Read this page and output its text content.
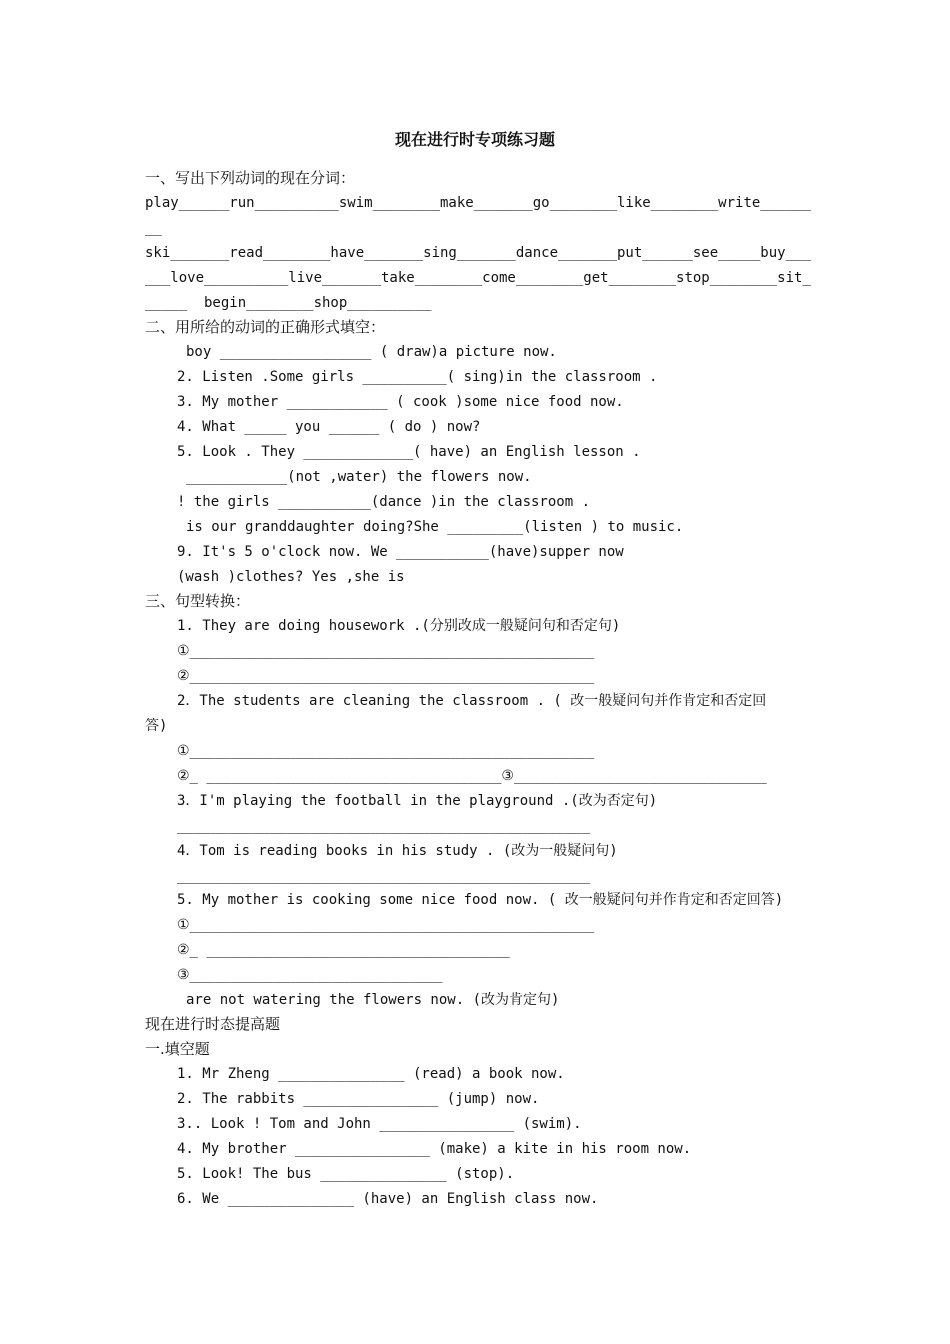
现在进行时专项练习题
一、写出下列动词的现在分词：
play______run__________swim________make_______go________like________write______
__
ski_______read________have_______sing_______dance_______put______see_____buy___
___love__________live_______take________come________get________stop________sit_
_____  begin________shop__________
二、用所给的动词的正确形式填空：
boy __________________ ( draw)a picture now.
2. Listen .Some girls __________( sing)in the classroom .
3. My mother ____________ ( cook )some nice food now.
4. What _____ you ______ ( do ) now?
5. Look . They _____________( have) an English lesson .
____________(not ,water) the flowers now.
! the girls ___________(dance )in the classroom .
is our granddaughter doing?She _________(listen ) to music.
9. It's 5 o'clock now. We ___________(have)supper now
(wash )clothes? Yes ,she is
三、句型转换：
1. They are doing housework .(分别改成一般疑问句和否定句)
①________________________________________________
②________________________________________________
2．The students are cleaning the classroom . ( 改一般疑问句并作肯定和否定回
答)
①________________________________________________
②_ ___________________________________③______________________________
3．I'm playing the football in the playground .(改为否定句)
_________________________________________________
4．Tom is reading books in his study . (改为一般疑问句)
_________________________________________________
5. My mother is cooking some nice food now. ( 改一般疑问句并作肯定和否定回答)
①________________________________________________
②_ ____________________________________
③______________________________
are not watering the flowers now. (改为肯定句)
现在进行时态提高题
一.填空题
1. Mr Zheng _______________ (read) a book now.
2. The rabbits ________________ (jump) now.
3.. Look ! Tom and John ________________ (swim).
4. My brother ________________ (make) a kite in his room now.
5. Look! The bus _______________ (stop).
6. We _______________ (have) an English class now.
